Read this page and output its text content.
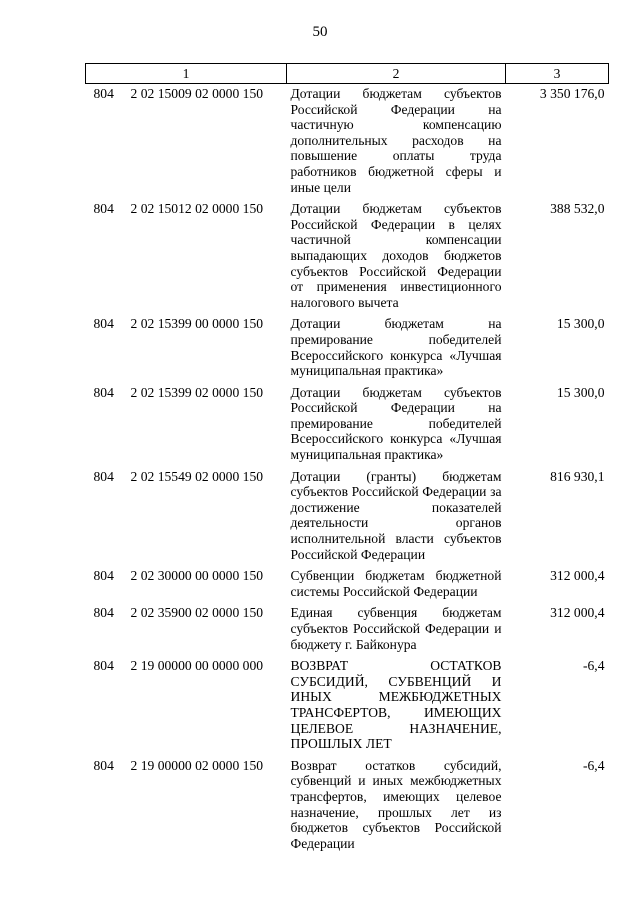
50
1	2	3
804 2 02 15009 02 0000 150	Дотации бюджетам субъектов Российской Федерации на частичную компенсацию дополнительных расходов на повышение оплаты труда работников бюджетной сферы и иные цели	3 350 176,0
804 2 02 15012 02 0000 150	Дотации бюджетам субъектов Российской Федерации в целях частичной компенсации выпадающих доходов бюджетов субъектов Российской Федерации от применения инвестиционного налогового вычета	388 532,0
804 2 02 15399 00 0000 150	Дотации бюджетам на премирование победителей Всероссийского конкурса «Лучшая муниципальная практика»	15 300,0
804 2 02 15399 02 0000 150	Дотации бюджетам субъектов Российской Федерации на премирование победителей Всероссийского конкурса «Лучшая муниципальная практика»	15 300,0
804 2 02 15549 02 0000 150	Дотации (гранты) бюджетам субъектов Российской Федерации за достижение показателей деятельности органов исполнительной власти субъектов Российской Федерации	816 930,1
804 2 02 30000 00 0000 150	Субвенции бюджетам бюджетной системы Российской Федерации	312 000,4
804 2 02 35900 02 0000 150	Единая субвенция бюджетам субъектов Российской Федерации и бюджету г. Байконура	312 000,4
804 2 19 00000 00 0000 000	ВОЗВРАТ ОСТАТКОВ СУБСИДИЙ, СУБВЕНЦИЙ И ИНЫХ МЕЖБЮДЖЕТНЫХ ТРАНСФЕРТОВ, ИМЕЮЩИХ ЦЕЛЕВОЕ НАЗНАЧЕНИЕ, ПРОШЛЫХ ЛЕТ	-6,4
804 2 19 00000 02 0000 150	Возврат остатков субсидий, субвенций и иных межбюджетных трансфертов, имеющих целевое назначение, прошлых лет из бюджетов субъектов Российской Федерации	-6,4
